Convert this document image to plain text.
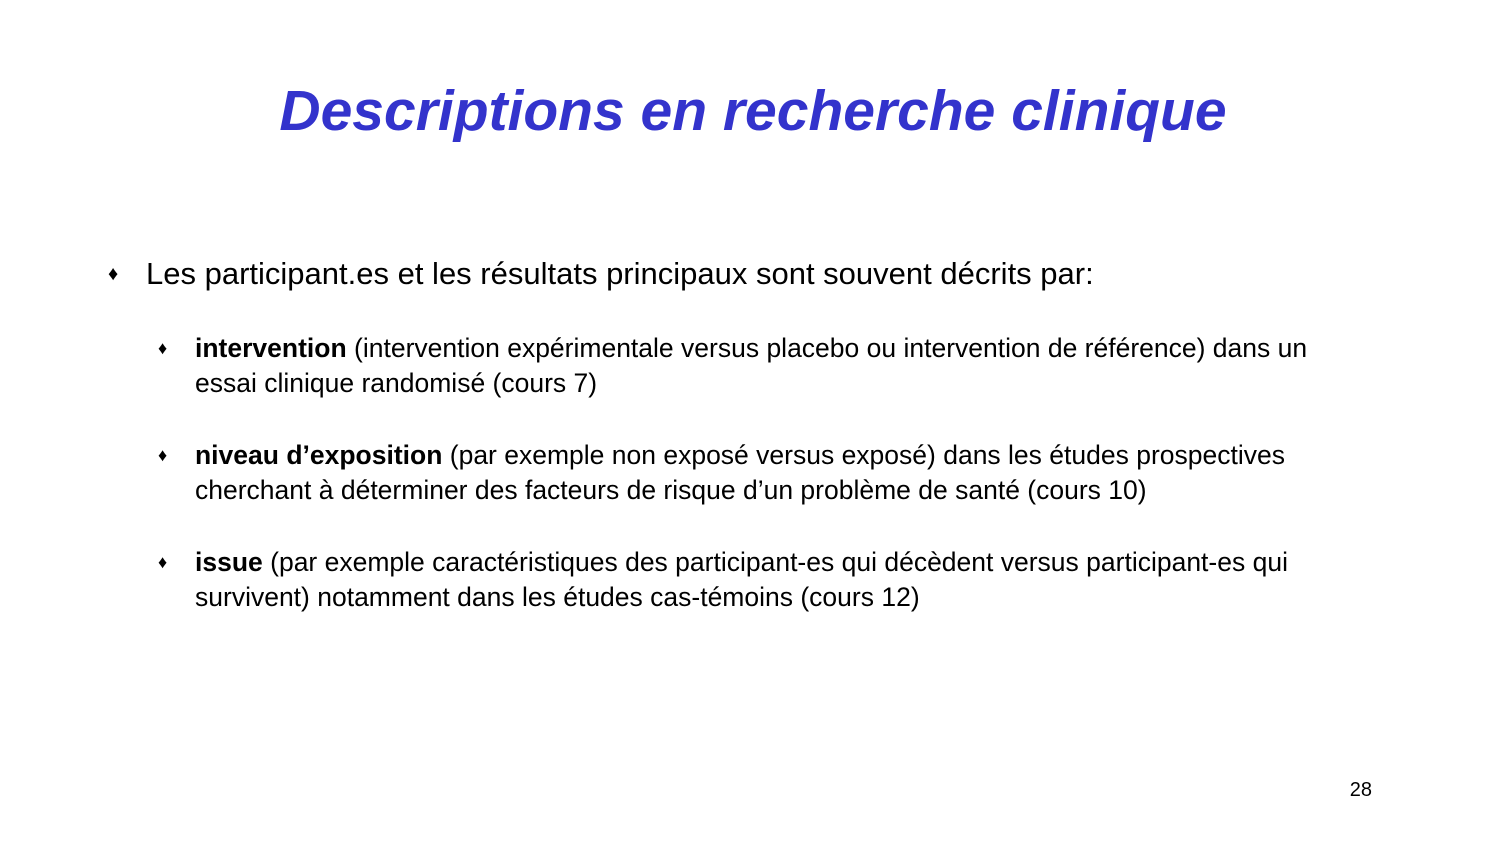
Descriptions en recherche clinique
♦ Les participant.es et les résultats principaux sont souvent décrits par:
♦ intervention (intervention expérimentale versus placebo ou intervention de référence) dans un
essai clinique randomisé (cours 7)
♦ niveau d’exposition (par exemple non exposé versus exposé) dans les études prospectives
cherchant à déterminer des facteurs de risque d’un problème de santé (cours 10)
♦ issue (par exemple caractéristiques des participant-es qui décèdent versus participant-es qui
survivent) notamment dans les études cas-témoins (cours 12)
28
